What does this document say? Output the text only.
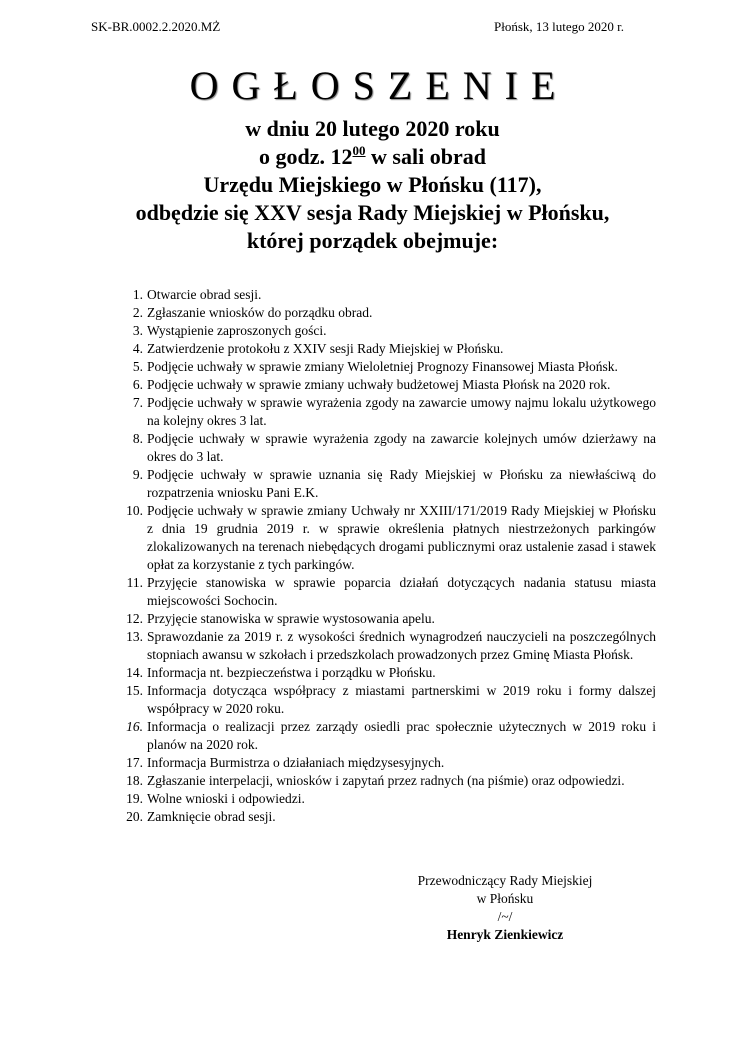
SK-BR.0002.2.2020.MŻ	Płońsk, 13 lutego 2020 r.
OGŁOSZENIE
w dniu 20 lutego 2020 roku
o godz. $12^{00}$ w sali obrad
Urzędu Miejskiego w Płońsku (117),
odbędzie się XXV sesja Rady Miejskiej w Płońsku,
której porządek obejmuje:
1. Otwarcie obrad sesji.
2. Zgłaszanie wniosków do porządku obrad.
3. Wystąpienie zaproszonych gości.
4. Zatwierdzenie protokołu z XXIV sesji Rady Miejskiej w Płońsku.
5. Podjęcie uchwały w sprawie zmiany Wieloletniej Prognozy Finansowej Miasta Płońsk.
6. Podjęcie uchwały w sprawie zmiany uchwały budżetowej Miasta Płońsk na 2020 rok.
7. Podjęcie uchwały w sprawie wyrażenia zgody na zawarcie umowy najmu lokalu użytkowego na kolejny okres 3 lat.
8. Podjęcie uchwały w sprawie wyrażenia zgody na zawarcie kolejnych umów dzierżawy na okres do 3 lat.
9. Podjęcie uchwały w sprawie uznania się Rady Miejskiej w Płońsku za niewłaściwą do rozpatrzenia wniosku Pani E.K.
10. Podjęcie uchwały w sprawie zmiany Uchwały nr XXIII/171/2019 Rady Miejskiej w Płońsku z dnia 19 grudnia 2019 r. w sprawie określenia płatnych niestrzeżonych parkingów zlokalizowanych na terenach niebędących drogami publicznymi oraz ustalenie zasad i stawek opłat za korzystanie z tych parkingów.
11. Przyjęcie stanowiska w sprawie poparcia działań dotyczących nadania statusu miasta miejscowości Sochocin.
12. Przyjęcie stanowiska w sprawie wystosowania apelu.
13. Sprawozdanie za 2019 r. z wysokości średnich wynagrodzeń nauczycieli na poszczególnych stopniach awansu w szkołach i przedszkolach prowadzonych przez Gminę Miasta Płońsk.
14. Informacja nt. bezpieczeństwa i porządku w Płońsku.
15. Informacja dotycząca współpracy z miastami partnerskimi w 2019 roku i formy dalszej współpracy w 2020 roku.
16. Informacja o realizacji przez zarządy osiedli prac społecznie użytecznych w 2019 roku i planów na 2020 rok.
17. Informacja Burmistrza o działaniach międzysesyjnych.
18. Zgłaszanie interpelacji, wniosków i zapytań przez radnych (na piśmie) oraz odpowiedzi.
19. Wolne wnioski i odpowiedzi.
20. Zamknięcie obrad sesji.
Przewodniczący Rady Miejskiej
w Płońsku
/~/
Henryk Zienkiewicz
